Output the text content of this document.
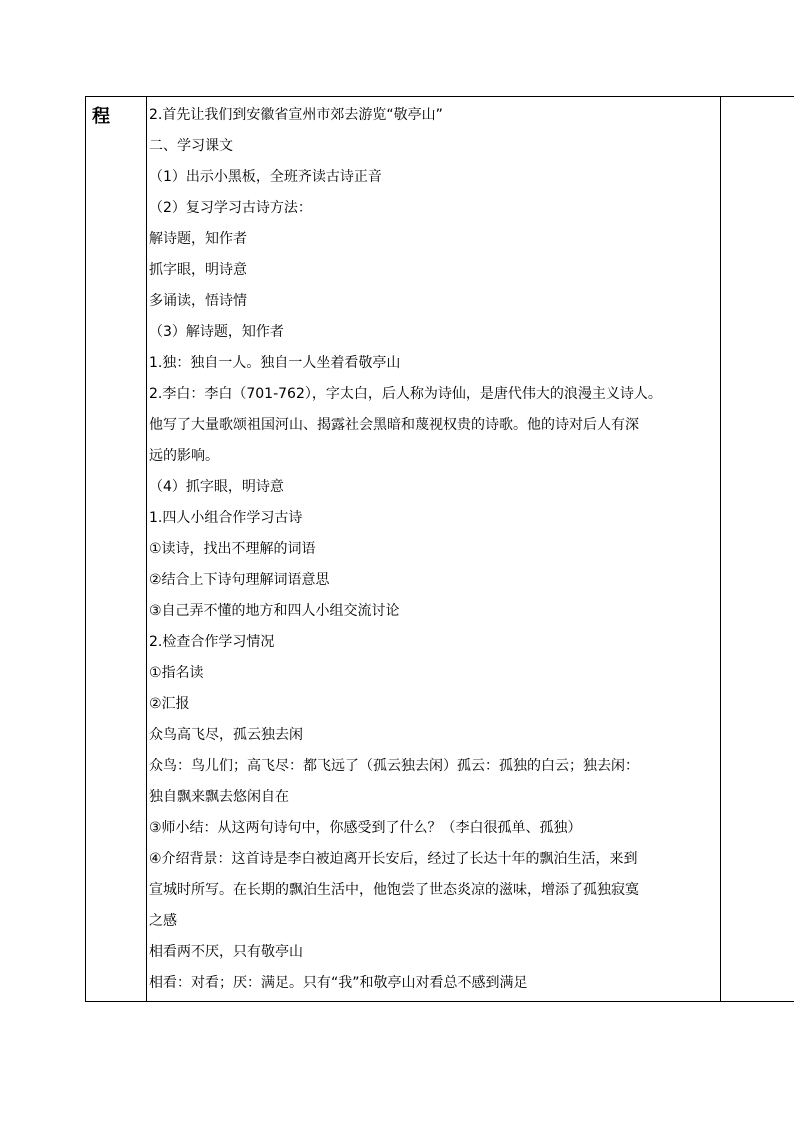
程	2.首先让我们到安徽省宣州市郊去游览“敬亭山”
二、学习课文
（1）出示小黑板，全班齐读古诗正音
（2）复习学习古诗方法：
解诗题，知作者
抓字眼，明诗意
多诵读，悟诗情
（3）解诗题，知作者
1.独：独自一人。独自一人坐着看敬亭山
2.李白：李白（701-762），字太白，后人称为诗仙，是唐代伟大的浪漫主义诗人。
他写了大量歌颂祖国河山、揭露社会黑暗和蔑视权贵的诗歌。他的诗对后人有深
远的影响。
（4）抓字眼，明诗意
1.四人小组合作学习古诗
①读诗，找出不理解的词语
②结合上下诗句理解词语意思
③自己弄不懂的地方和四人小组交流讨论
2.检查合作学习情况
①指名读
②汇报
众鸟高飞尽，孤云独去闲
众鸟：鸟儿们；高飞尽：都飞远了（孤云独去闲）孤云：孤独的白云；独去闲：
独自飘来飘去悠闲自在
③师小结：从这两句诗句中，你感受到了什么？（李白很孤单、孤独）
④介绍背景：这首诗是李白被迫离开长安后，经过了长达十年的飘泊生活，来到
宣城时所写。在长期的飘泊生活中，他饱尝了世态炎凉的滋味，增添了孤独寂寞
之感
相看两不厌，只有敬亭山
相看：对看；厌：满足。只有“我”和敬亭山对看总不感到满足
